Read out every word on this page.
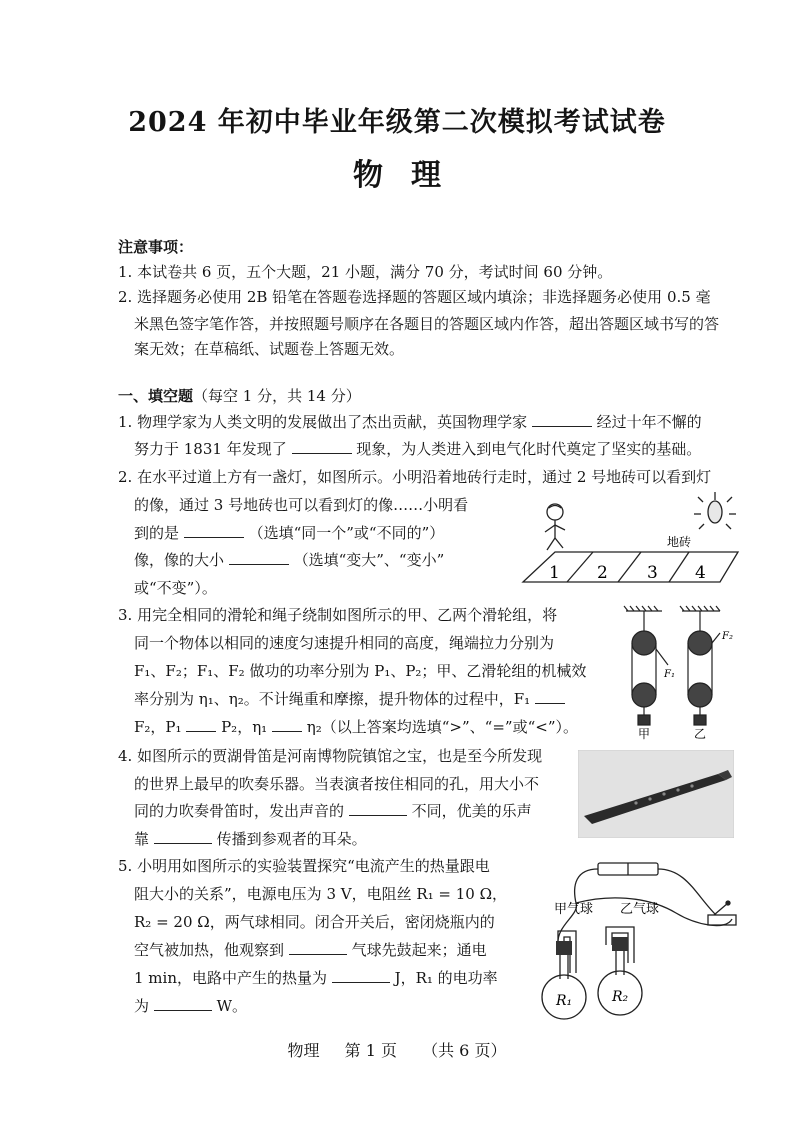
2024 年初中毕业年级第二次模拟考试试卷
物理
注意事项：
1. 本试卷共 6 页，五个大题，21 小题，满分 70 分，考试时间 60 分钟。
2. 选择题务必使用 2B 铅笔在答题卷选择题的答题区域内填涂；非选择题务必使用 0.5 毫
米黑色签字笔作答，并按照题号顺序在各题目的答题区域内作答，超出答题区域书写的答
案无效；在草稿纸、试题卷上答题无效。
一、填空题（每空 1 分，共 14 分）
1. 物理学家为人类文明的发展做出了杰出贡献，英国物理学家	经过十年不懈的
努力于 1831 年发现了	现象，为人类进入到电气化时代奠定了坚实的基础。
2. 在水平过道上方有一盏灯，如图所示。小明沿着地砖行走时，通过 2 号地砖可以看到灯
的像，通过 3 号地砖也可以看到灯的像……小明看
到的是	（选填“同一个”或“不同的”）
像，像的大小	（选填“变大”、“变小”
或“不变”）。
1 2 3 4
地砖
3. 用完全相同的滑轮和绳子绕制如图所示的甲、乙两个滑轮组，将
同一个物体以相同的速度匀速提升相同的高度，绳端拉力分别为
F₁、F₂；F₁、F₂ 做功的功率分别为 P₁、P₂；甲、乙滑轮组的机械效
率分别为 η₁、η₂。不计绳重和摩擦，提升物体的过程中，F₁
F₂，P₁	P₂，η₁	η₂（以上答案均选填“>”、“=”或“<”）。
F₁
F₂
甲	乙
4. 如图所示的贾湖骨笛是河南博物院镇馆之宝，也是至今所发现
的世界上最早的吹奏乐器。当表演者按住相同的孔，用大小不
同的力吹奏骨笛时，发出声音的	不同，优美的乐声
靠	传播到参观者的耳朵。
5. 小明用如图所示的实验装置探究“电流产生的热量跟电
阻大小的关系”，电源电压为 3 V，电阻丝 R₁ = 10 Ω，
R₂ = 20 Ω，两气球相同。闭合开关后，密闭烧瓶内的
空气被加热，他观察到	气球先鼓起来；通电
1 min，电路中产生的热量为	J，R₁ 的电功率
为	W。
甲气球 乙气球
R₁	R₂
物理 第 1 页 （共 6 页）
